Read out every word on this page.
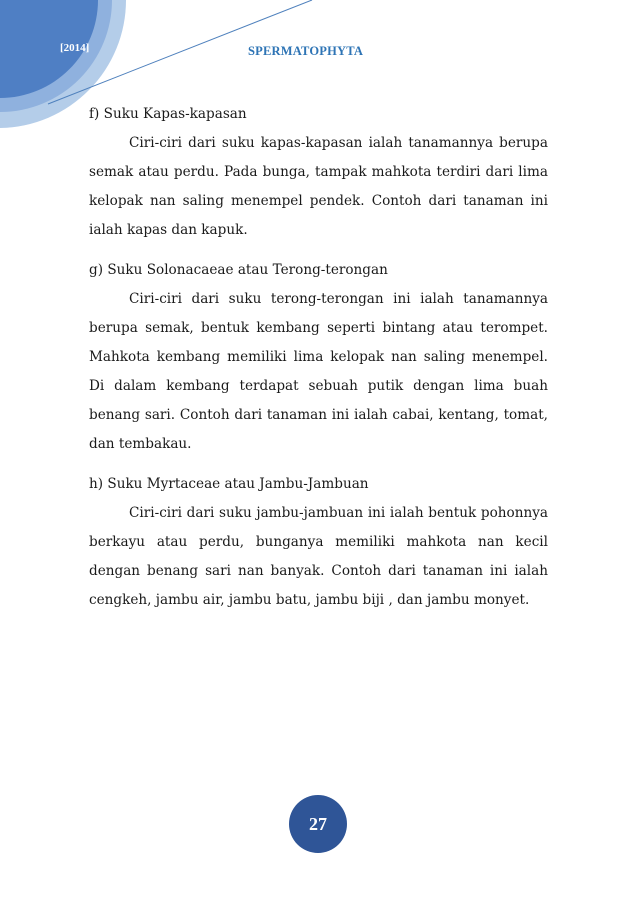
[2014]	SPERMATOPHYTA

f) Suku Kapas-kapasan

Ciri-ciri dari suku kapas-kapasan ialah tanamannya berupa semak atau perdu. Pada bunga, tampak mahkota terdiri dari lima kelopak nan saling menempel pendek. Contoh dari tanaman ini ialah kapas dan kapuk.

g) Suku Solonacaeae atau Terong-terongan

Ciri-ciri dari suku terong-terongan ini ialah tanamannya berupa semak, bentuk kembang seperti bintang atau terompet. Mahkota kembang memiliki lima kelopak nan saling menempel. Di dalam kembang terdapat sebuah putik dengan lima buah benang sari. Contoh dari tanaman ini ialah cabai, kentang, tomat, dan tembakau.

h) Suku Myrtaceae atau Jambu-Jambuan

Ciri-ciri dari suku jambu-jambuan ini ialah bentuk pohonnya berkayu atau perdu, bunganya memiliki mahkota nan kecil dengan benang sari nan banyak. Contoh dari tanaman ini ialah cengkeh, jambu air, jambu batu, jambu biji , dan jambu monyet.

27
